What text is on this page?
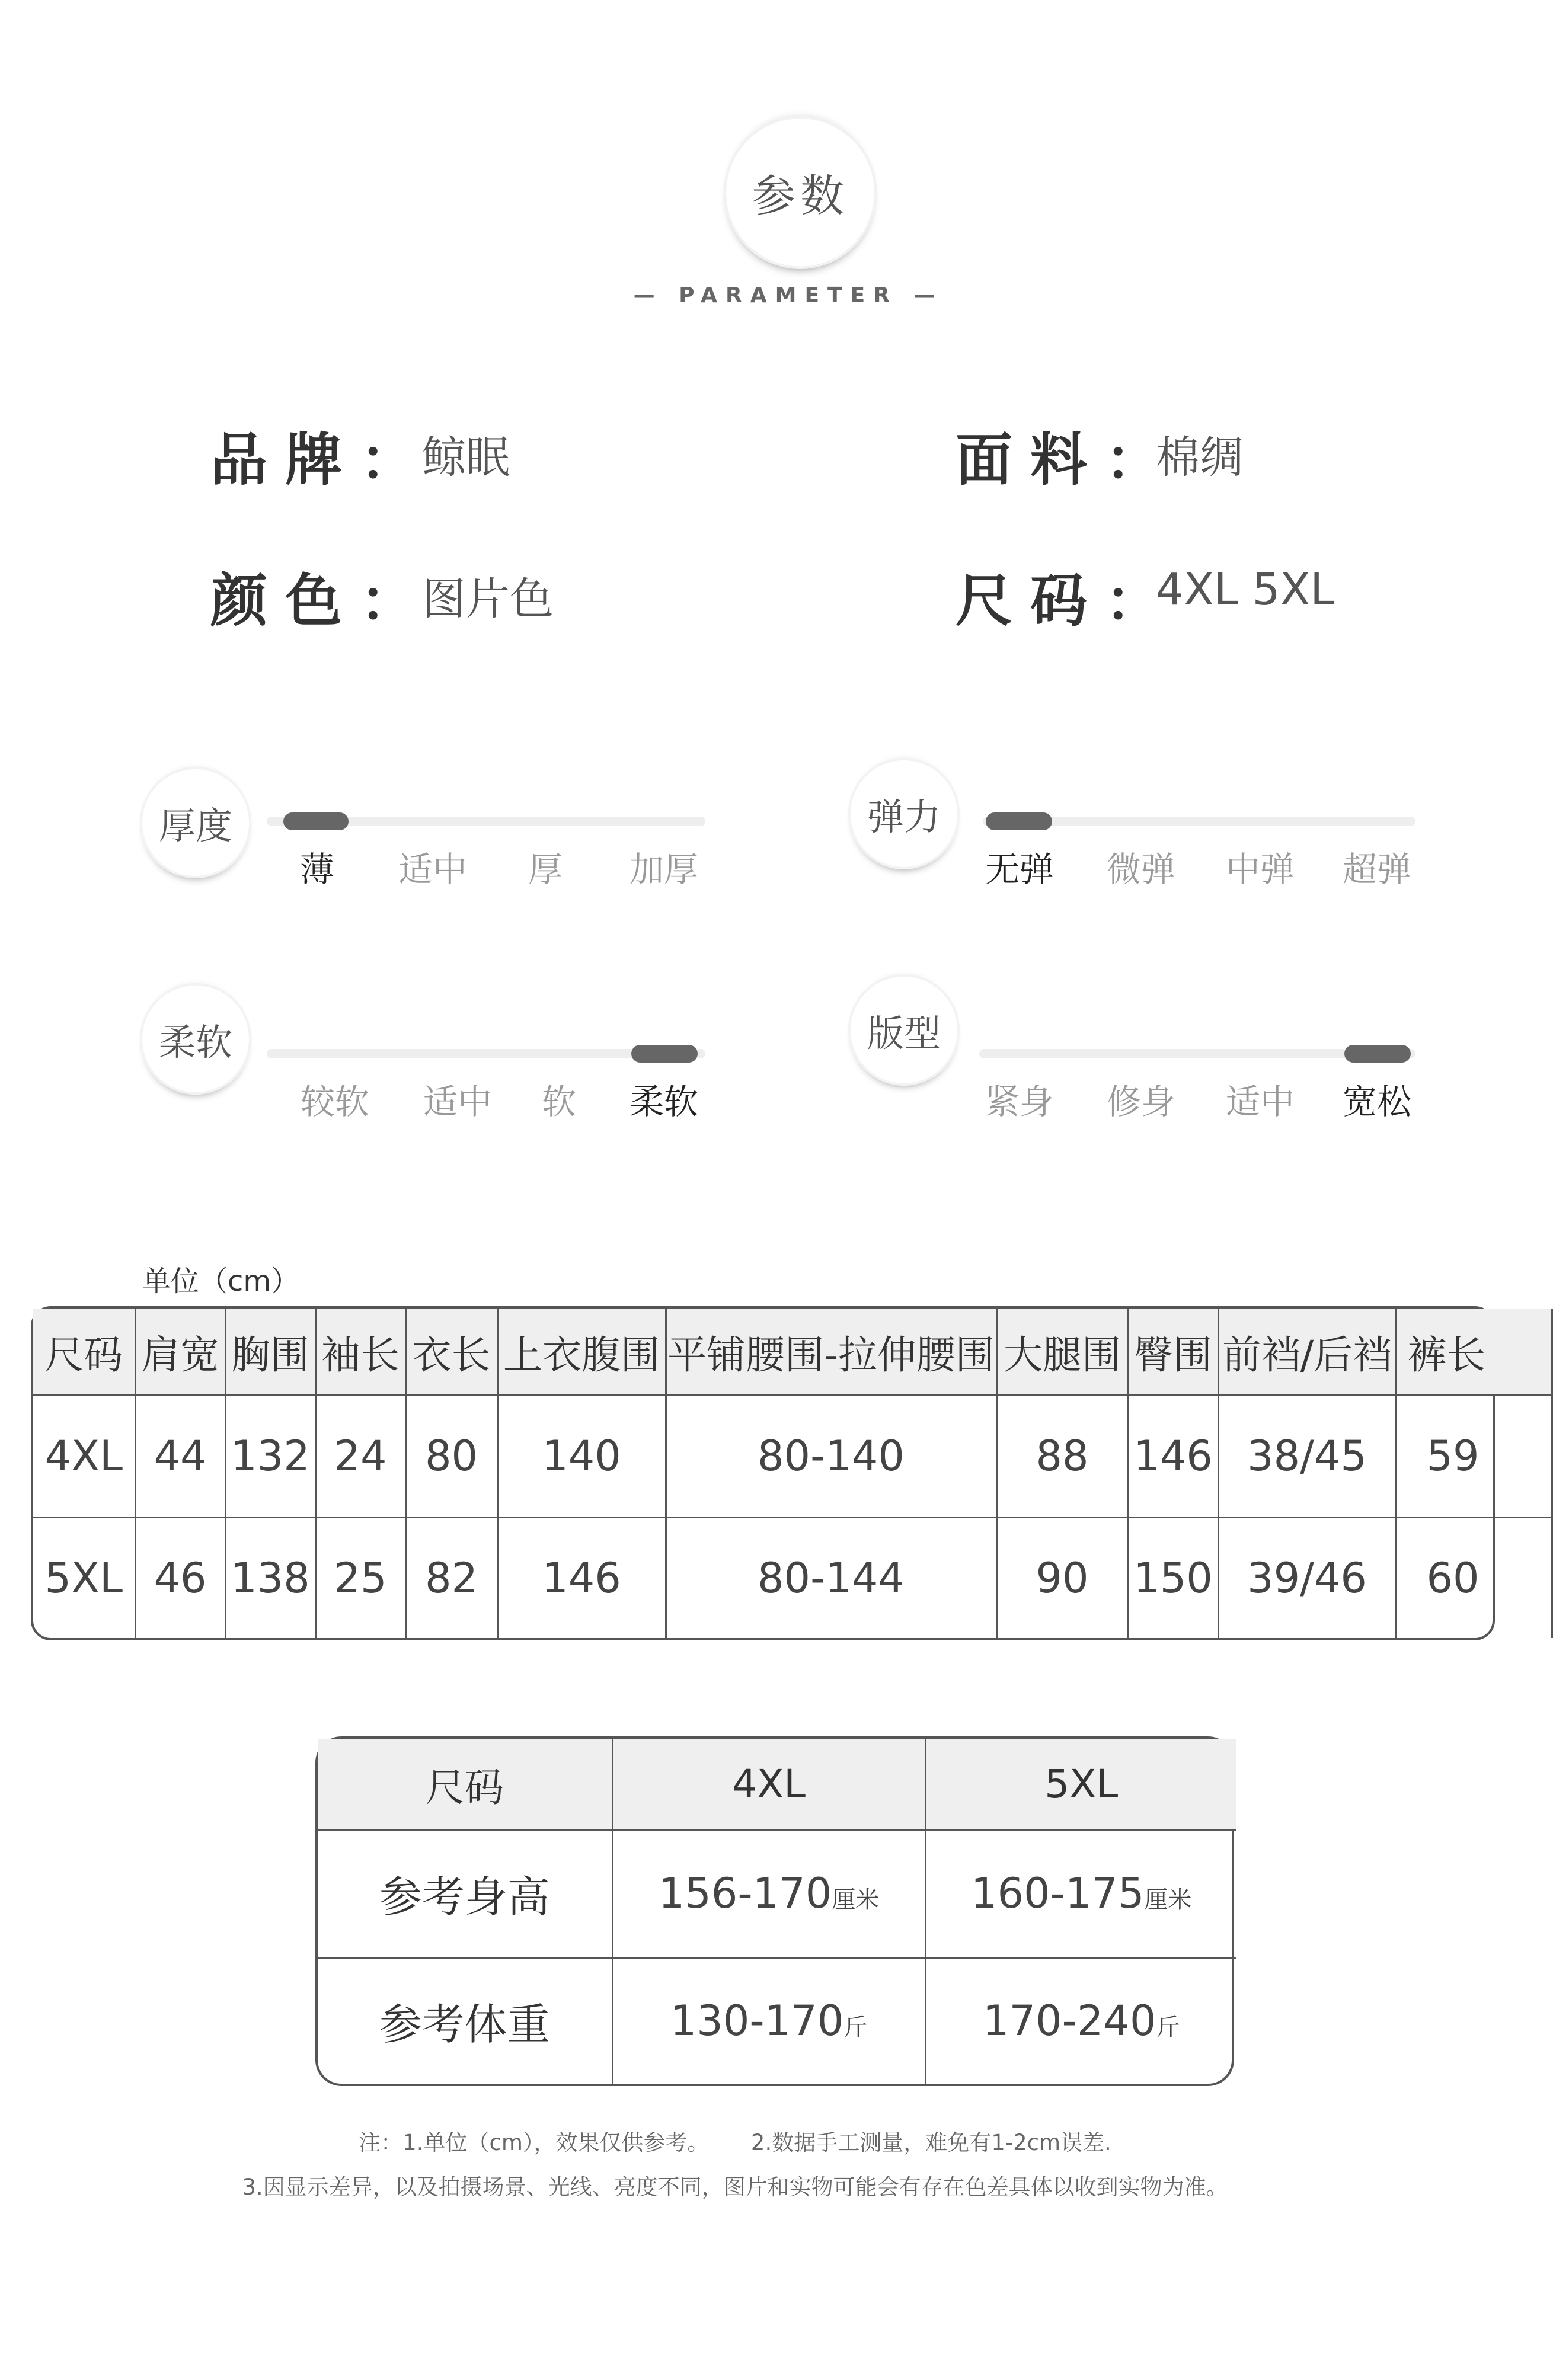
参数
— PARAMETER —
品牌：
鲸眠	面料：
棉绸
颜色：
图片色	尺码：
4XL 5XL
厚度
薄	适中	厚	加厚
弹力
无弹	微弹	中弹	超弹
柔软
较软	适中	软	柔软
版型
紧身	修身	适中	宽松
单位（cm）
尺码	肩宽	胸围	袖长	衣长	上衣腹围	平铺腰围-拉伸腰围	大腿围	臀围	前裆/后裆	裤长
4XL	44	132	24	80	140	80-140	88	146	38/45	59
5XL	46	138	25	82	146	80-144	90	150	39/46	60
尺码	4XL	5XL
参考身高	156-170厘米	160-175厘米
参考体重	130-170斤	170-240斤
注：1.单位（cm），效果仅供参考。      2.数据手工测量，难免有1-2cm误差.
3.因显示差异，以及拍摄场景、光线、亮度不同，图片和实物可能会有存在色差具体以收到实物为准。
